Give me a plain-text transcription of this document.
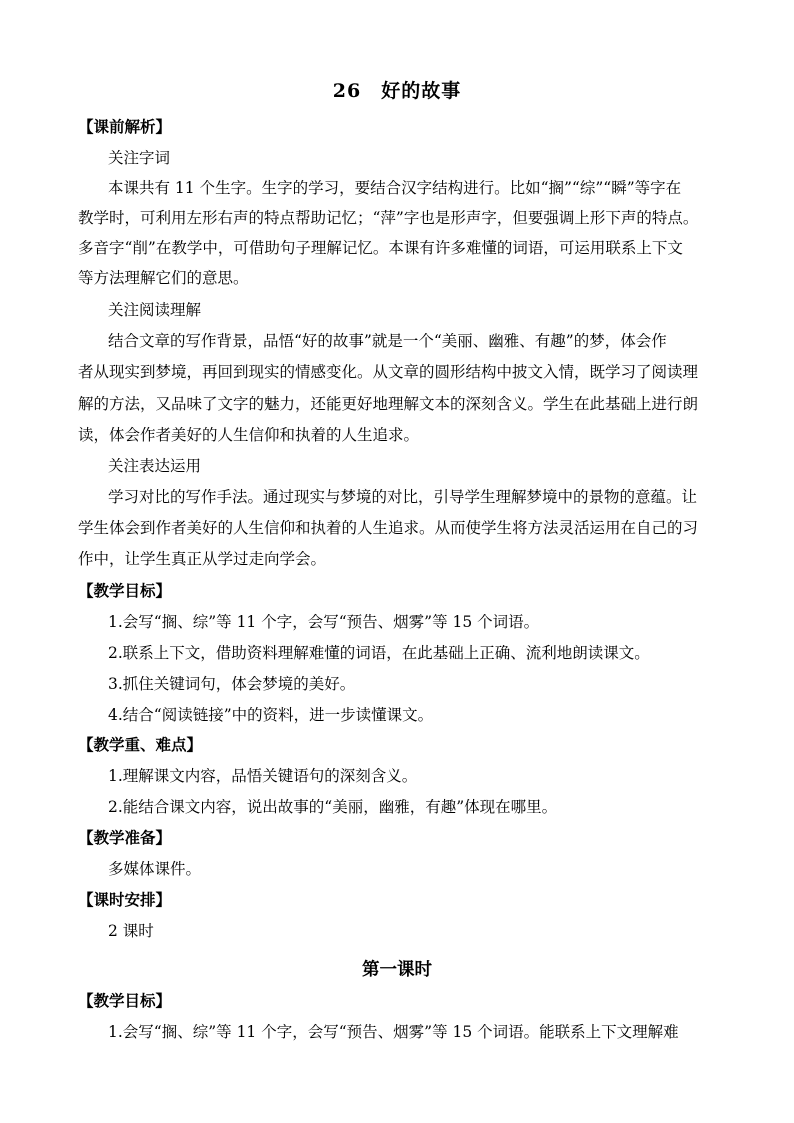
26　好的故事
【课前解析】
关注字词
本课共有 11 个生字。生字的学习，要结合汉字结构进行。比如“搁”“综”“瞬”等字在
教学时，可利用左形右声的特点帮助记忆；“萍”字也是形声字，但要强调上形下声的特点。
多音字“削”在教学中，可借助句子理解记忆。本课有许多难懂的词语，可运用联系上下文
等方法理解它们的意思。
关注阅读理解
结合文章的写作背景，品悟“好的故事”就是一个“美丽、幽雅、有趣”的梦，体会作
者从现实到梦境，再回到现实的情感变化。从文章的圆形结构中披文入情，既学习了阅读理
解的方法，又品味了文字的魅力，还能更好地理解文本的深刻含义。学生在此基础上进行朗
读，体会作者美好的人生信仰和执着的人生追求。
关注表达运用
学习对比的写作手法。通过现实与梦境的对比，引导学生理解梦境中的景物的意蕴。让
学生体会到作者美好的人生信仰和执着的人生追求。从而使学生将方法灵活运用在自己的习
作中，让学生真正从学过走向学会。
【教学目标】
1.会写“搁、综”等 11 个字，会写“预告、烟雾”等 15 个词语。
2.联系上下文，借助资料理解难懂的词语，在此基础上正确、流利地朗读课文。
3.抓住关键词句，体会梦境的美好。
4.结合“阅读链接”中的资料，进一步读懂课文。
【教学重、难点】
1.理解课文内容，品悟关键语句的深刻含义。
2.能结合课文内容，说出故事的“美丽，幽雅，有趣”体现在哪里。
【教学准备】
多媒体课件。
【课时安排】
2 课时
第一课时
【教学目标】
1.会写“搁、综”等 11 个字，会写“预告、烟雾”等 15 个词语。能联系上下文理解难
